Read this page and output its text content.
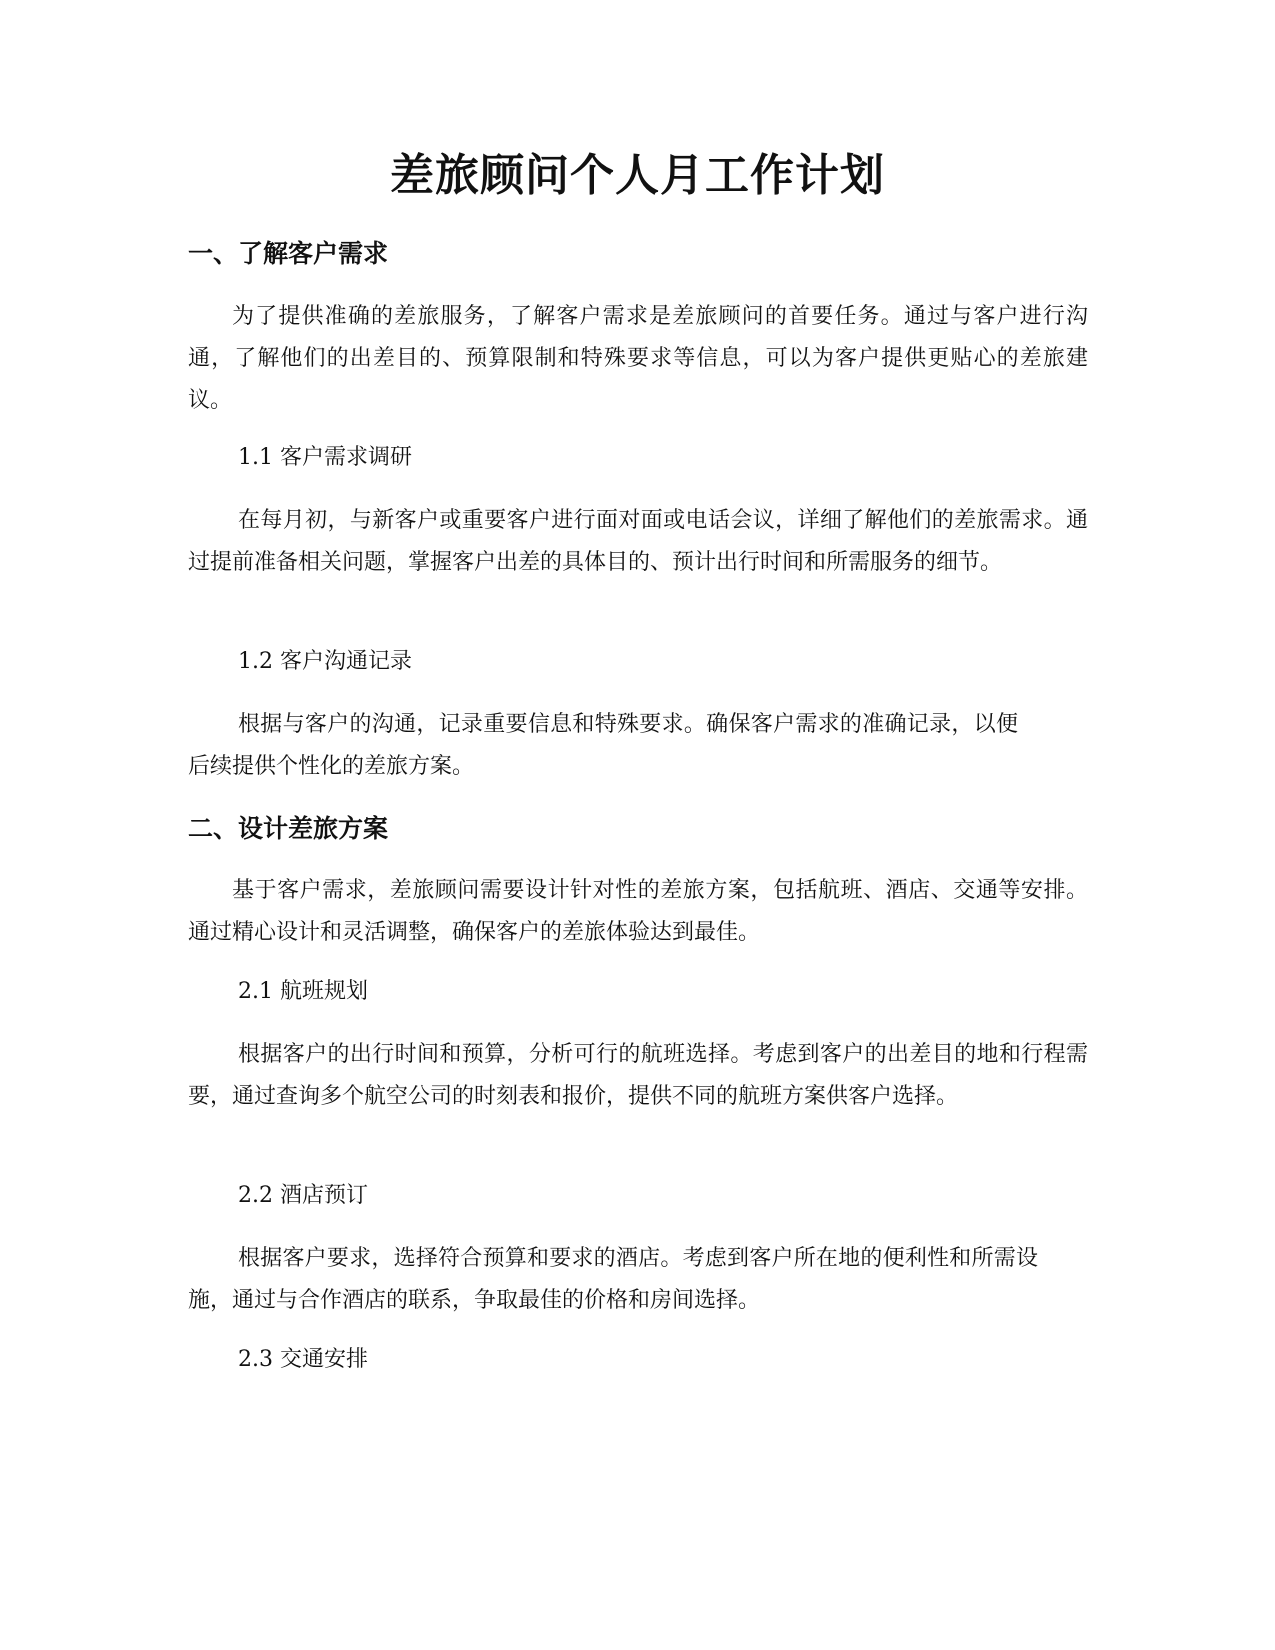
差旅顾问个人月工作计划
一、了解客户需求

为了提供准确的差旅服务，了解客户需求是差旅顾问的首要任务。通过与客户进行沟通，了解他们的出差目的、预算限制和特殊要求等信息，可以为客户提供更贴心的差旅建议。

1.1 客户需求调研

在每月初，与新客户或重要客户进行面对面或电话会议，详细了解他们的差旅需求。通过提前准备相关问题，掌握客户出差的具体目的、预计出行时间和所需服务的细节。

1.2 客户沟通记录

根据与客户的沟通，记录重要信息和特殊要求。确保客户需求的准确记录，以便后续提供个性化的差旅方案。

二、设计差旅方案

基于客户需求，差旅顾问需要设计针对性的差旅方案，包括航班、酒店、交通等安排。通过精心设计和灵活调整，确保客户的差旅体验达到最佳。

2.1 航班规划

根据客户的出行时间和预算，分析可行的航班选择。考虑到客户的出差目的地和行程需要，通过查询多个航空公司的时刻表和报价，提供不同的航班方案供客户选择。

2.2 酒店预订

根据客户要求，选择符合预算和要求的酒店。考虑到客户所在地的便利性和所需设施，通过与合作酒店的联系，争取最佳的价格和房间选择。

2.3 交通安排
